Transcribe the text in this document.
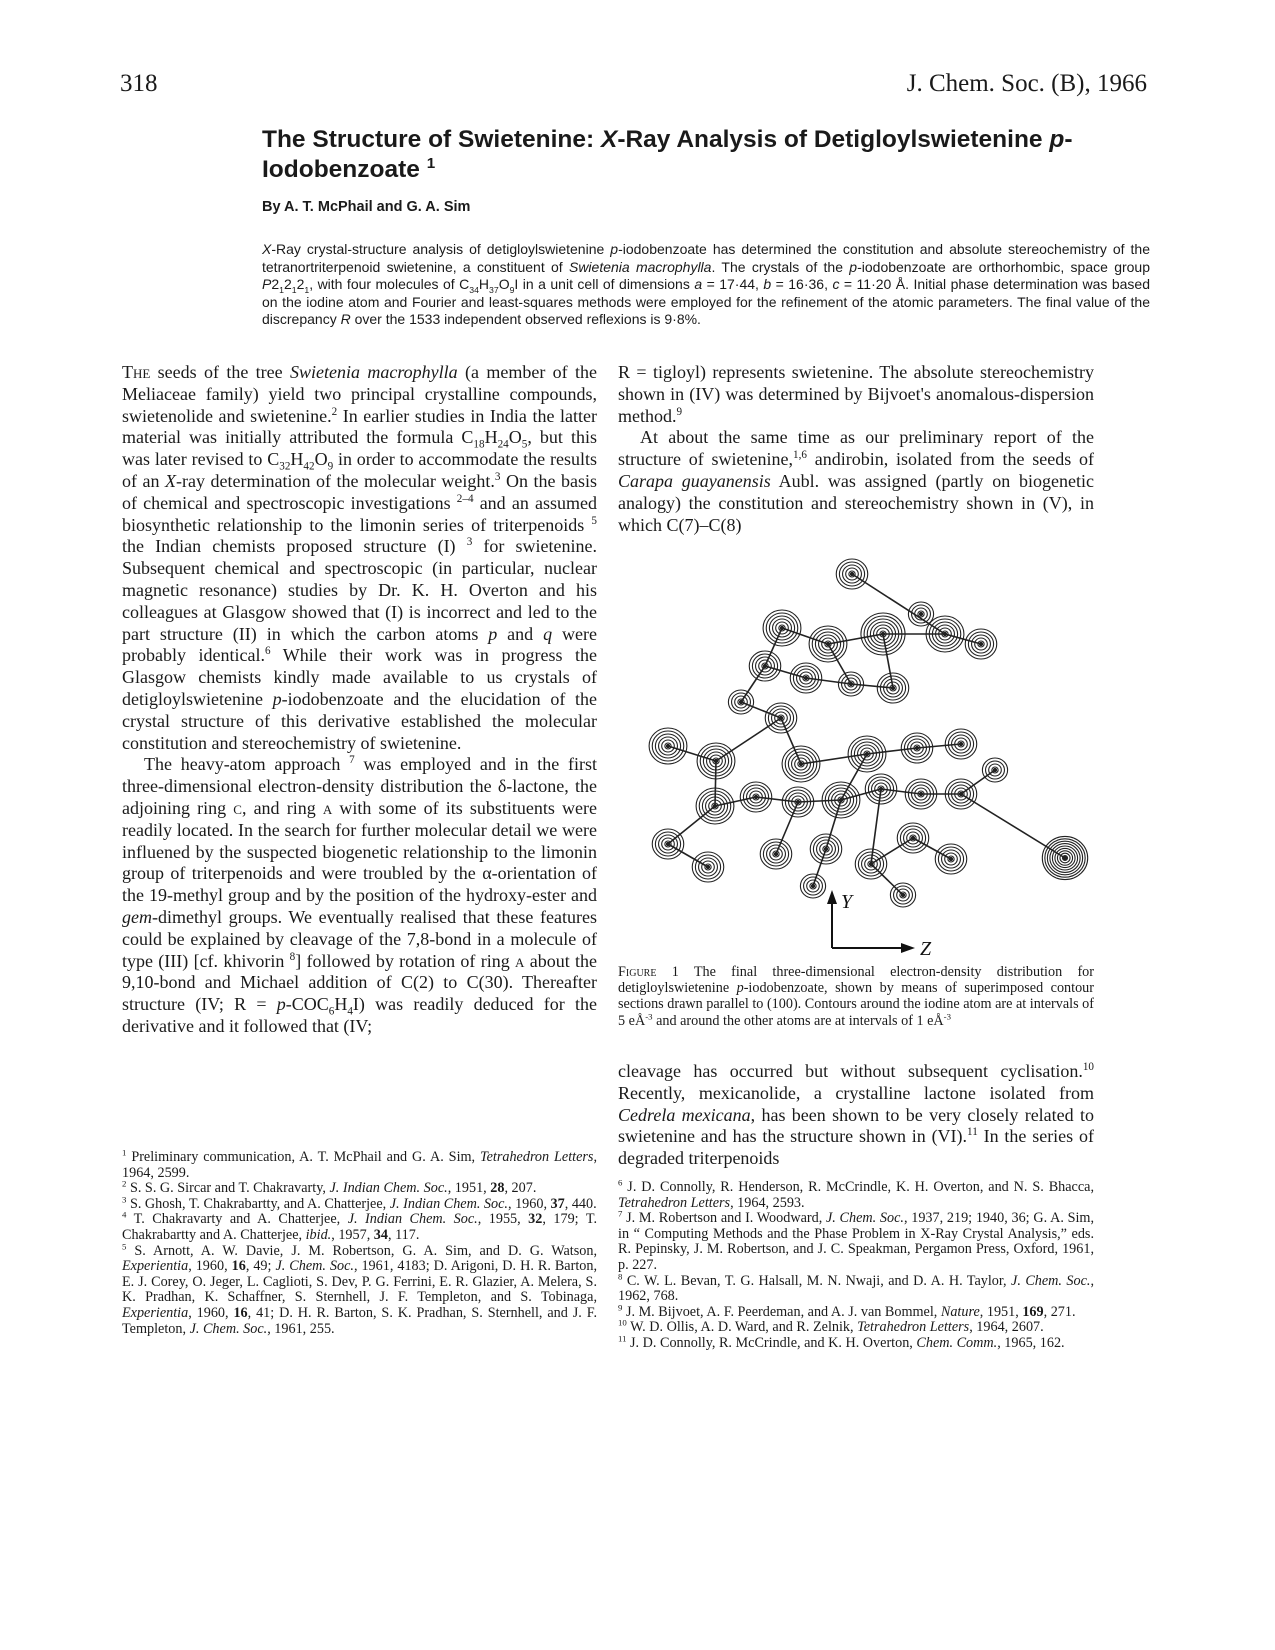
318	J. Chem. Soc. (B), 1966
The Structure of Swietenine: X-Ray Analysis of Detigloylswietenine p-Iodobenzoate $^1$
By A. T. McPhail and G. A. Sim
X-Ray crystal-structure analysis of detigloylswietenine p-iodobenzoate has determined the constitution and absolute stereochemistry of the tetranortriterpenoid swietenine, a constituent of Swietenia macrophylla. The crystals of the p-iodobenzoate are orthorhombic, space group $P2_12_12_1$, with four molecules of $C_{34}H_{37}O_9I$ in a unit cell of dimensions a = 17·44, b = 16·36, c = 11·20 Å. Initial phase determination was based on the iodine atom and Fourier and least-squares methods were employed for the refinement of the atomic parameters. The final value of the discrepancy R over the 1533 independent observed reflexions is 9·8%.

The seeds of the tree Swietenia macrophylla (a member of the Meliaceae family) yield two principal crystalline compounds, swietenolide and swietenine.$^2$ In earlier studies in India the latter material was initially attributed the formula $C_{18}H_{24}O_5$, but this was later revised to $C_{32}H_{42}O_9$ in order to accommodate the results of an X-ray determination of the molecular weight.$^3$ On the basis of chemical and spectroscopic investigations $^{2-4}$ and an assumed biosynthetic relationship to the limonin series of triterpenoids $^5$ the Indian chemists proposed structure (I) $^3$ for swietenine. Subsequent chemical and spectroscopic (in particular, nuclear magnetic resonance) studies by Dr. K. H. Overton and his colleagues at Glasgow showed that (I) is incorrect and led to the part structure (II) in which the carbon atoms p and q were probably identical.$^6$ While their work was in progress the Glasgow chemists kindly made available to us crystals of detigloylswietenine p-iodobenzoate and the elucidation of the crystal structure of this derivative established the molecular constitution and stereochemistry of swietenine.

The heavy-atom approach $^7$ was employed and in the first three-dimensional electron-density distribution the δ-lactone, the adjoining ring c, and ring a with some of its substituents were readily located. In the search for further molecular detail we were influened by the suspected biogenetic relationship to the limonin group of triterpenoids and were troubled by the α-orientation of the 19-methyl group and by the position of the hydroxy-ester and gem-dimethyl groups. We eventually realised that these features could be explained by cleavage of the 7,8-bond in a molecule of type (III) [cf. khivorin $^8$] followed by rotation of ring a about the 9,10-bond and Michael addition of C(2) to C(30). Thereafter structure (IV; $R = p-COC_6H_4I$) was readily deduced for the derivative and it followed that (IV;

R = tigloyl) represents swietenine. The absolute stereochemistry shown in (IV) was determined by Bijvoet's anomalous-dispersion method.$^9$

At about the same time as our preliminary report of the structure of swietenine,$^{1,6}$ andirobin, isolated from the seeds of Carapa guayanensis Aubl. was assigned (partly on biogenetic analogy) the constitution and stereochemistry shown in (V), in which C(7)–C(8)

Y
Z
Figure 1 The final three-dimensional electron-density distribution for detigloylswietenine p-iodobenzoate, shown by means of superimposed contour sections drawn parallel to (100). Contours around the iodine atom are at intervals of 5 $eÅ^{-3}$ and around the other atoms are at intervals of 1 $eÅ^{-3}$

cleavage has occurred but without subsequent cyclisation.$^{10}$ Recently, mexicanolide, a crystalline lactone isolated from Cedrela mexicana, has been shown to be very closely related to swietenine and has the structure shown in (VI).$^{11}$ In the series of degraded triterpenoids

$^1$ Preliminary communication, A. T. McPhail and G. A. Sim, Tetrahedron Letters, 1964, 2599.

$^2$ S. S. G. Sircar and T. Chakravarty, J. Indian Chem. Soc., 1951, 28, 207.

$^3$ S. Ghosh, T. Chakrabartty, and A. Chatterjee, J. Indian Chem. Soc., 1960, 37, 440.

$^4$ T. Chakravarty and A. Chatterjee, J. Indian Chem. Soc., 1955, 32, 179; T. Chakrabartty and A. Chatterjee, ibid., 1957, 34, 117.

$^5$ S. Arnott, A. W. Davie, J. M. Robertson, G. A. Sim, and D. G. Watson, Experientia, 1960, 16, 49; J. Chem. Soc., 1961, 4183; D. Arigoni, D. H. R. Barton, E. J. Corey, O. Jeger, L. Caglioti, S. Dev, P. G. Ferrini, E. R. Glazier, A. Melera, S. K. Pradhan, K. Schaffner, S. Sternhell, J. F. Templeton, and S. Tobinaga, Experientia, 1960, 16, 41; D. H. R. Barton, S. K. Pradhan, S. Sternhell, and J. F. Templeton, J. Chem. Soc., 1961, 255.

$^6$ J. D. Connolly, R. Henderson, R. McCrindle, K. H. Overton, and N. S. Bhacca, Tetrahedron Letters, 1964, 2593.

$^7$ J. M. Robertson and I. Woodward, J. Chem. Soc., 1937, 219; 1940, 36; G. A. Sim, in “ Computing Methods and the Phase Problem in X-Ray Crystal Analysis,” eds. R. Pepinsky, J. M. Robertson, and J. C. Speakman, Pergamon Press, Oxford, 1961, p. 227.

$^8$ C. W. L. Bevan, T. G. Halsall, M. N. Nwaji, and D. A. H. Taylor, J. Chem. Soc., 1962, 768.

$^9$ J. M. Bijvoet, A. F. Peerdeman, and A. J. van Bommel, Nature, 1951, 169, 271.

$^{10}$ W. D. Ollis, A. D. Ward, and R. Zelnik, Tetrahedron Letters, 1964, 2607.

$^{11}$ J. D. Connolly, R. McCrindle, and K. H. Overton, Chem. Comm., 1965, 162.
